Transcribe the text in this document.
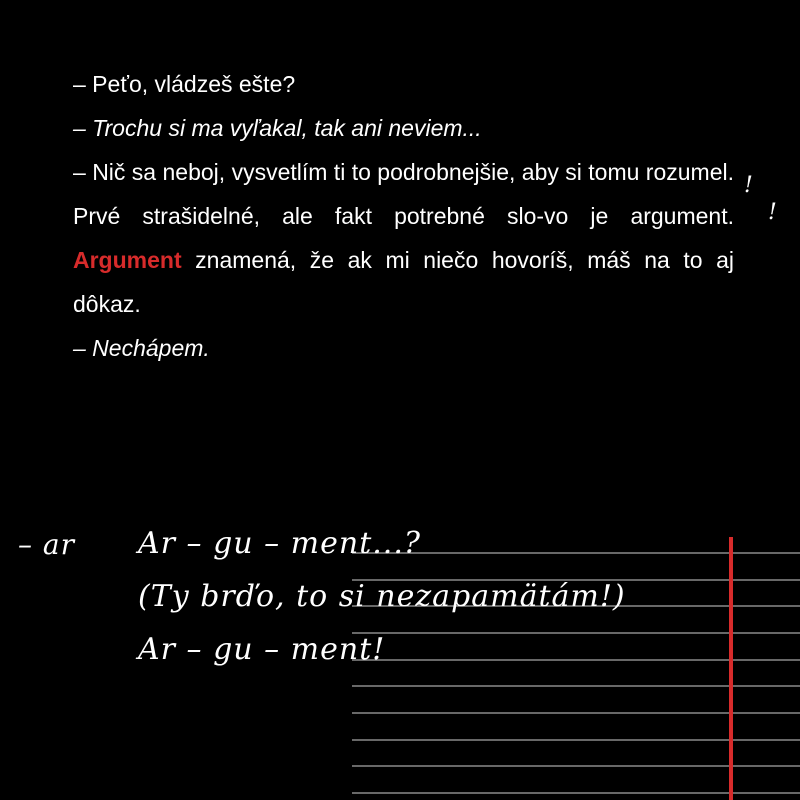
– Peťo, vládzeš ešte?

– Trochu si ma vyľakal, tak ani neviem...

– Nič sa neboj, vysvetlím ti to podrobnejšie, aby si tomu rozumel. Prvé strašidelné, ale fakt potrebné slo-vo je argument. Argument znamená, že ak mi niečo hovoríš, máš na to aj dôkaz.

– Nechápem.

!
!
– ar Ar – gu – ment...?
(Ty brďo, to si nezapamätám!)
Ar – gu – ment!
